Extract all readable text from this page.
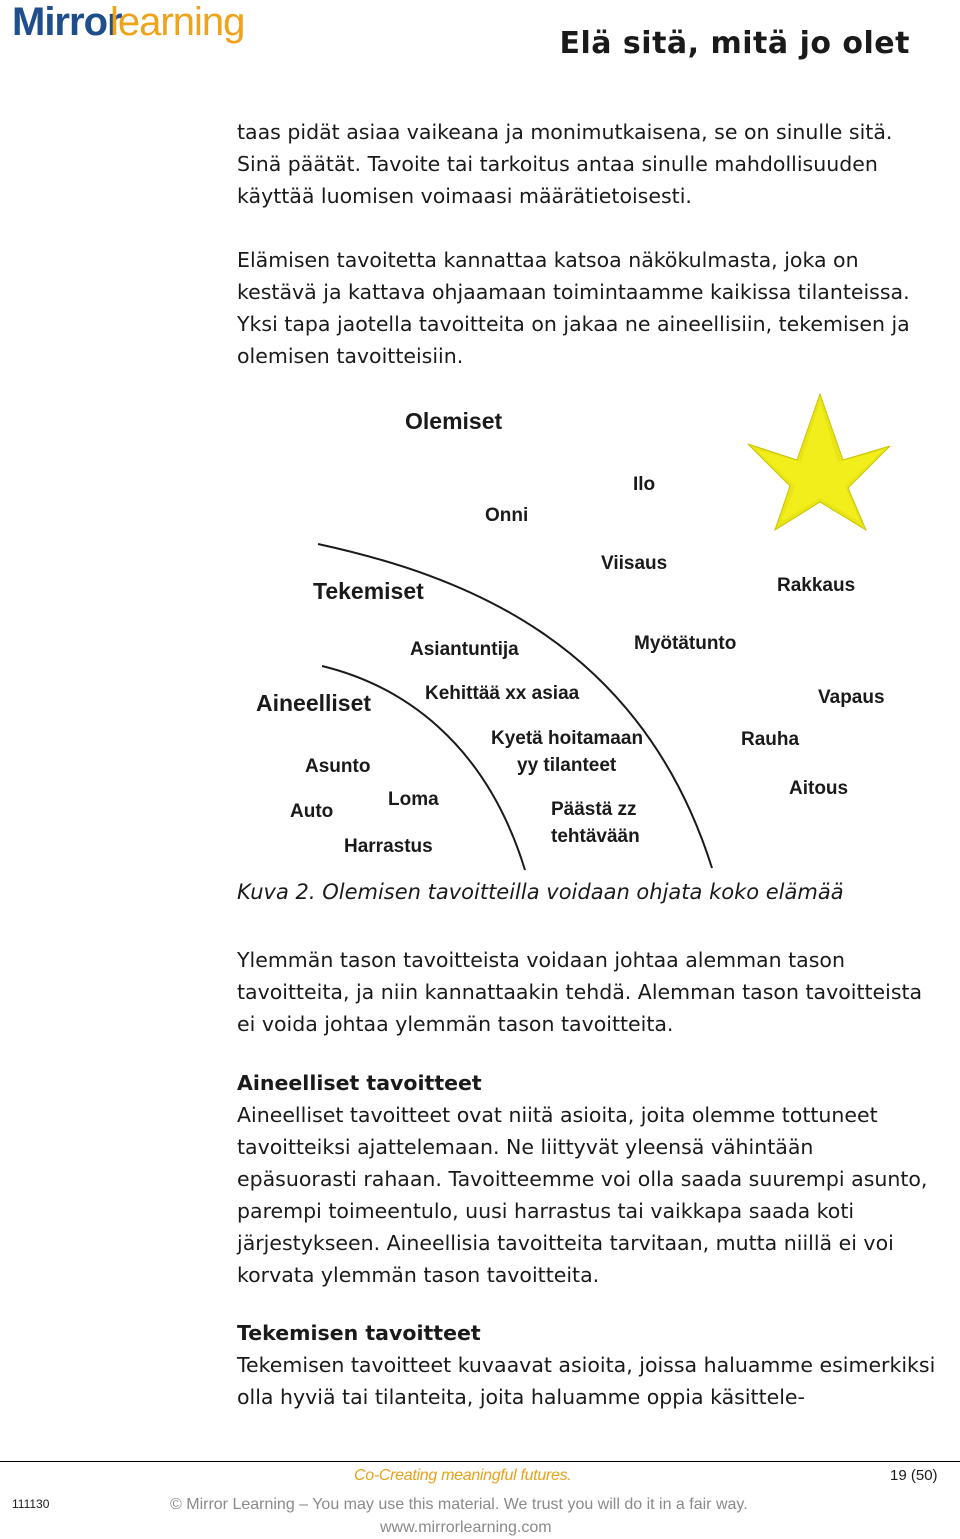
Mirror
learning	Elä sitä, mitä jo olet

taas pidät asiaa vaikeana ja monimutkaisena, se on sinulle sitä. Sinä päätät. Tavoite tai tarkoitus antaa sinulle mahdollisuuden käyttää luomisen voimaasi määrätietoisesti.

Elämisen tavoitetta kannattaa katsoa näkökulmasta, joka on kestävä ja kattava ohjaamaan toimintaamme kaikissa tilanteissa. Yksi tapa jaotella tavoitteita on jakaa ne aineellisiin, tekemisen ja olemisen tavoitteisiin.

Olemiset
Ilo
Onni
Viisaus
Tekemiset	Rakkaus
Asiantuntija	Myötätunto
Aineelliset	Kehittää xx asiaa	Vapaus
Kyetä hoitamaan
yy tilanteet
Rauha
Asunto
Aitous
Loma
Auto	Päästä zz
tehtävään
Harrastus
Kuva 2. Olemisen tavoitteilla voidaan ohjata koko elämää

Ylemmän tason tavoitteista voidaan johtaa alemman tason tavoitteita, ja niin kannattaakin tehdä. Alemman tason tavoitteista ei voida johtaa ylemmän tason tavoitteita.

Aineelliset tavoitteet

Aineelliset tavoitteet ovat niitä asioita, joita olemme tottuneet tavoitteiksi ajattelemaan. Ne liittyvät yleensä vähintään epäsuorasti rahaan. Tavoitteemme voi olla saada suurempi asunto, parempi toimeentulo, uusi harrastus tai vaikkapa saada koti järjestykseen. Aineellisia tavoitteita tarvitaan, mutta niillä ei voi korvata ylemmän tason tavoitteita.

Tekemisen tavoitteet

Tekemisen tavoitteet kuvaavat asioita, joissa haluamme esimerkiksi olla hyviä tai tilanteita, joita haluamme oppia käsittele-

Co-Creating meaningful futures.	19 (50)
111130	© Mirror Learning – You may use this material. We trust you will do it in a fair way.
www.mirrorlearning.com
